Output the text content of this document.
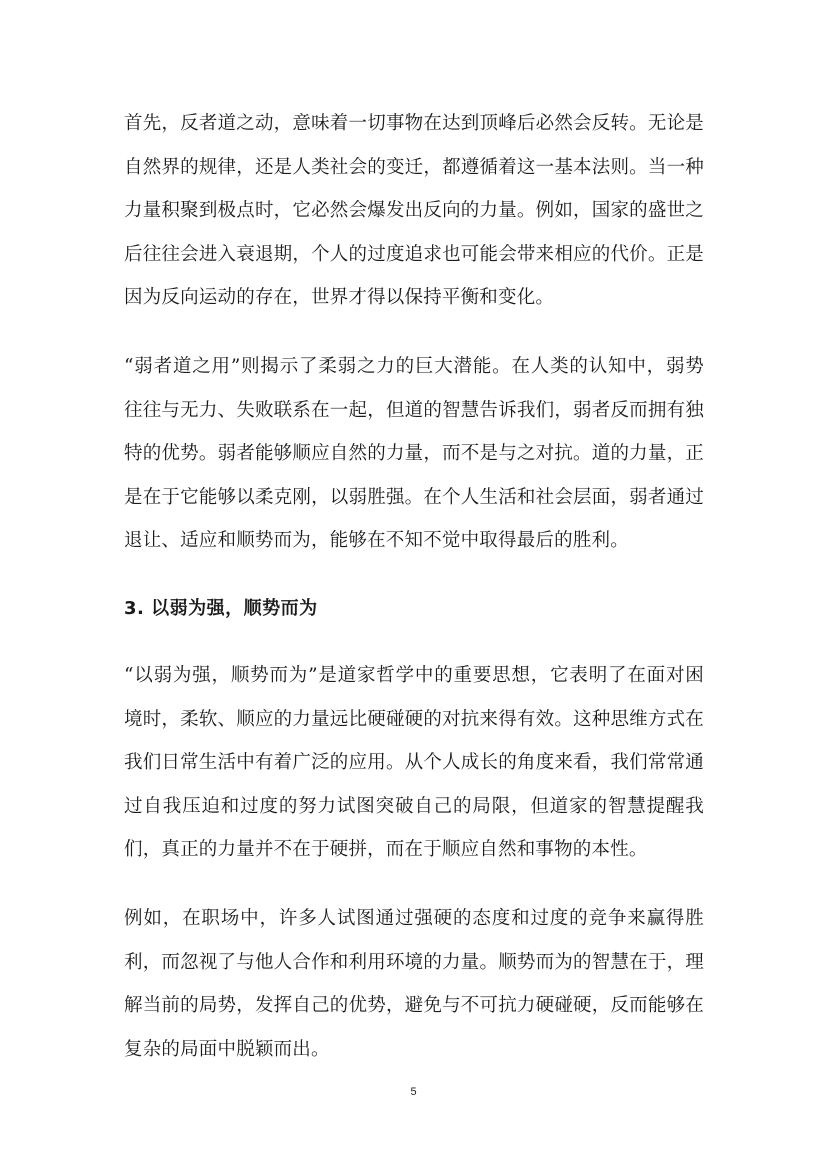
首先，反者道之动，意味着一切事物在达到顶峰后必然会反转。无论是自然界的规律，还是人类社会的变迁，都遵循着这一基本法则。当一种力量积聚到极点时，它必然会爆发出反向的力量。例如，国家的盛世之后往往会进入衰退期，个人的过度追求也可能会带来相应的代价。正是因为反向运动的存在，世界才得以保持平衡和变化。

“弱者道之用”则揭示了柔弱之力的巨大潜能。在人类的认知中，弱势往往与无力、失败联系在一起，但道的智慧告诉我们，弱者反而拥有独特的优势。弱者能够顺应自然的力量，而不是与之对抗。道的力量，正是在于它能够以柔克刚，以弱胜强。在个人生活和社会层面，弱者通过退让、适应和顺势而为，能够在不知不觉中取得最后的胜利。

3. 以弱为强，顺势而为

“以弱为强，顺势而为”是道家哲学中的重要思想，它表明了在面对困境时，柔软、顺应的力量远比硬碰硬的对抗来得有效。这种思维方式在我们日常生活中有着广泛的应用。从个人成长的角度来看，我们常常通过自我压迫和过度的努力试图突破自己的局限，但道家的智慧提醒我们，真正的力量并不在于硬拼，而在于顺应自然和事物的本性。

例如，在职场中，许多人试图通过强硬的态度和过度的竞争来赢得胜利，而忽视了与他人合作和利用环境的力量。顺势而为的智慧在于，理解当前的局势，发挥自己的优势，避免与不可抗力硬碰硬，反而能够在复杂的局面中脱颖而出。

5
